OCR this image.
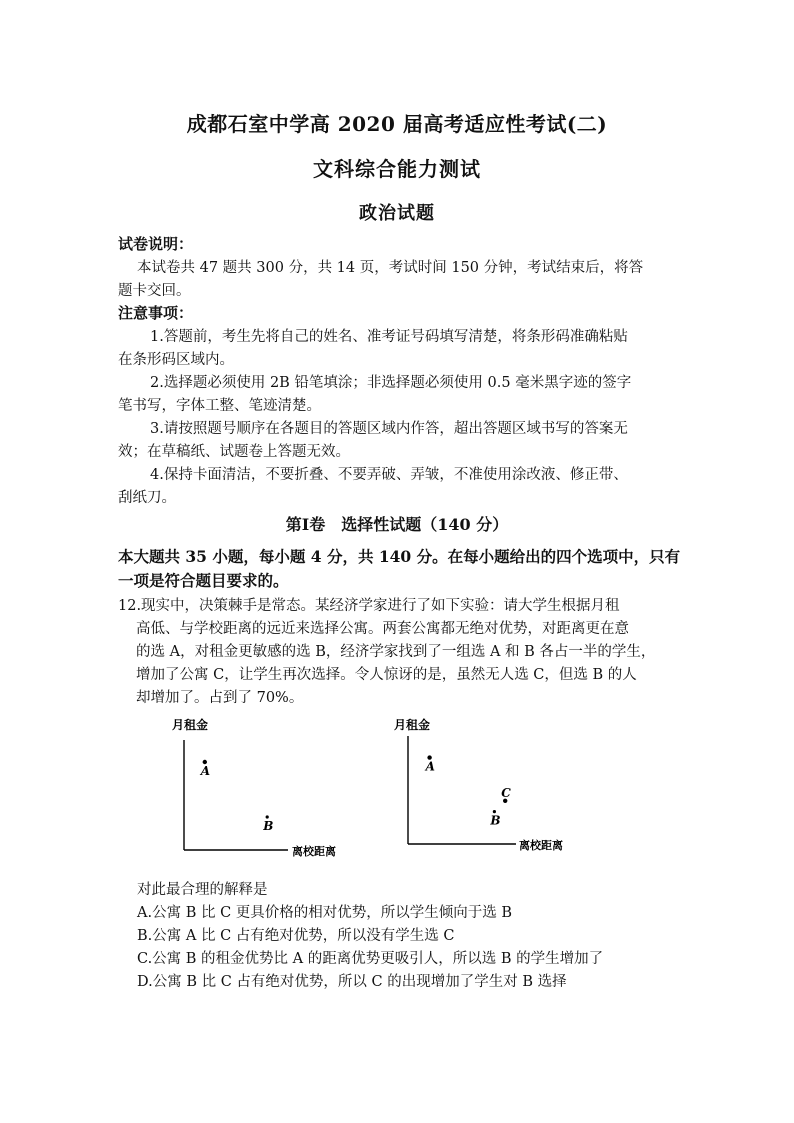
成都石室中学高 2020 届高考适应性考试(二)
文科综合能力测试
政治试题
试卷说明：
本试卷共 47 题共 300 分，共 14 页，考试时间 150 分钟，考试结束后，将答
题卡交回。
注意事项：
1.答题前，考生先将自己的姓名、准考证号码填写清楚，将条形码准确粘贴
在条形码区域内。
2.选择题必须使用 2B 铅笔填涂；非选择题必须使用 0.5 毫米黑字迹的签字
笔书写，字体工整、笔迹清楚。
3.请按照题号顺序在各题目的答题区域内作答，超出答题区域书写的答案无
效；在草稿纸、试题卷上答题无效。
4.保持卡面清洁，不要折叠、不要弄破、弄皱，不准使用涂改液、修正带、
刮纸刀。
第Ⅰ卷　选择性试题（140 分）
本大题共 35 小题，每小题 4 分，共 140 分。在每小题给出的四个选项中，只有
一项是符合题目要求的。
12.现实中，决策棘手是常态。某经济学家进行了如下实验：请大学生根据月租
高低、与学校距离的远近来选择公寓。两套公寓都无绝对优势，对距离更在意
的选 A，对租金更敏感的选 B，经济学家找到了一组选 A 和 B 各占一半的学生，
增加了公寓 C，让学生再次选择。令人惊讶的是，虽然无人选 C，但选 B 的人
却增加了。占到了 70%。
月租金
离校距离
A
B
月租金
离校距离
A
B
C
对此最合理的解释是
A.公寓 B 比 C 更具价格的相对优势，所以学生倾向于选 B
B.公寓 A 比 C 占有绝对优势，所以没有学生选 C
C.公寓 B 的租金优势比 A 的距离优势更吸引人，所以选 B 的学生增加了
D.公寓 B 比 C 占有绝对优势，所以 C 的出现增加了学生对 B 选择
